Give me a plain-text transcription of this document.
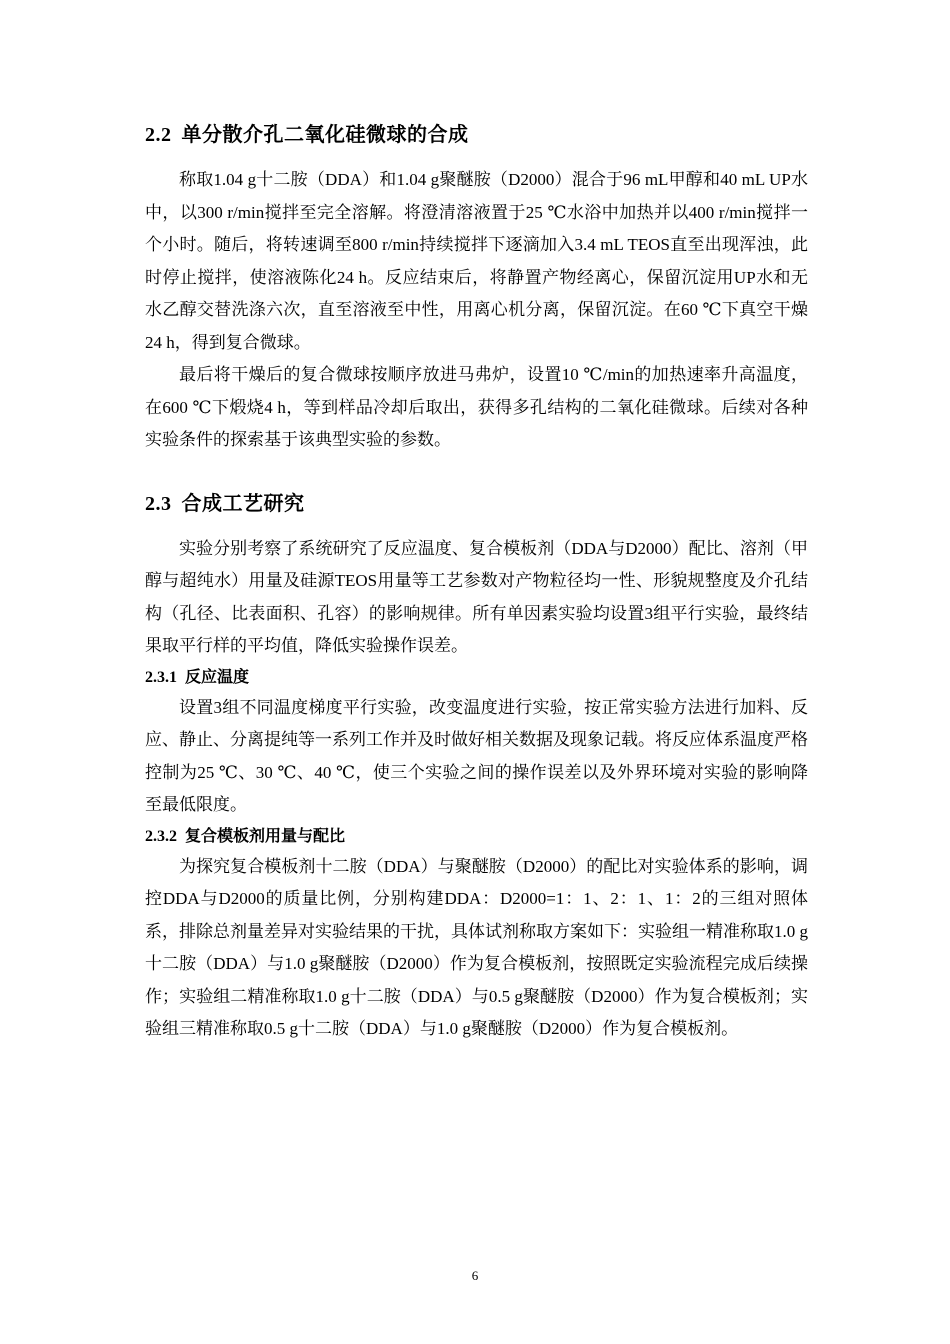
2.2 单分散介孔二氧化硅微球的合成

称取1.04 g十二胺（DDA）和1.04 g聚醚胺（D2000）混合于96 mL甲醇和40 mL UP水中，以300 r/min搅拌至完全溶解。将澄清溶液置于25 ℃水浴中加热并以400 r/min搅拌一个小时。随后，将转速调至800 r/min持续搅拌下逐滴加入3.4 mL TEOS直至出现浑浊，此时停止搅拌，使溶液陈化24 h。反应结束后，将静置产物经离心，保留沉淀用UP水和无水乙醇交替洗涤六次，直至溶液至中性，用离心机分离，保留沉淀。在60 ℃下真空干燥24 h，得到复合微球。

最后将干燥后的复合微球按顺序放进马弗炉，设置10 ℃/min的加热速率升高温度，在600 ℃下煅烧4 h，等到样品冷却后取出，获得多孔结构的二氧化硅微球。后续对各种实验条件的探索基于该典型实验的参数。

2.3 合成工艺研究

实验分别考察了系统研究了反应温度、复合模板剂（DDA与D2000）配比、溶剂（甲醇与超纯水）用量及硅源TEOS用量等工艺参数对产物粒径均一性、形貌规整度及介孔结构（孔径、比表面积、孔容）的影响规律。所有单因素实验均设置3组平行实验，最终结果取平行样的平均值，降低实验操作误差。

2.3.1 反应温度

设置3组不同温度梯度平行实验，改变温度进行实验，按正常实验方法进行加料、反应、静止、分离提纯等一系列工作并及时做好相关数据及现象记载。将反应体系温度严格控制为25 ℃、30 ℃、40 ℃，使三个实验之间的操作误差以及外界环境对实验的影响降至最低限度。

2.3.2 复合模板剂用量与配比

为探究复合模板剂十二胺（DDA）与聚醚胺（D2000）的配比对实验体系的影响，调控DDA与D2000的质量比例，分别构建DDA：D2000=1：1、2：1、1：2的三组对照体系，排除总剂量差异对实验结果的干扰，具体试剂称取方案如下：实验组一精准称取1.0 g十二胺（DDA）与1.0 g聚醚胺（D2000）作为复合模板剂，按照既定实验流程完成后续操作；实验组二精准称取1.0 g十二胺（DDA）与0.5 g聚醚胺（D2000）作为复合模板剂；实验组三精准称取0.5 g十二胺（DDA）与1.0 g聚醚胺（D2000）作为复合模板剂。

6
